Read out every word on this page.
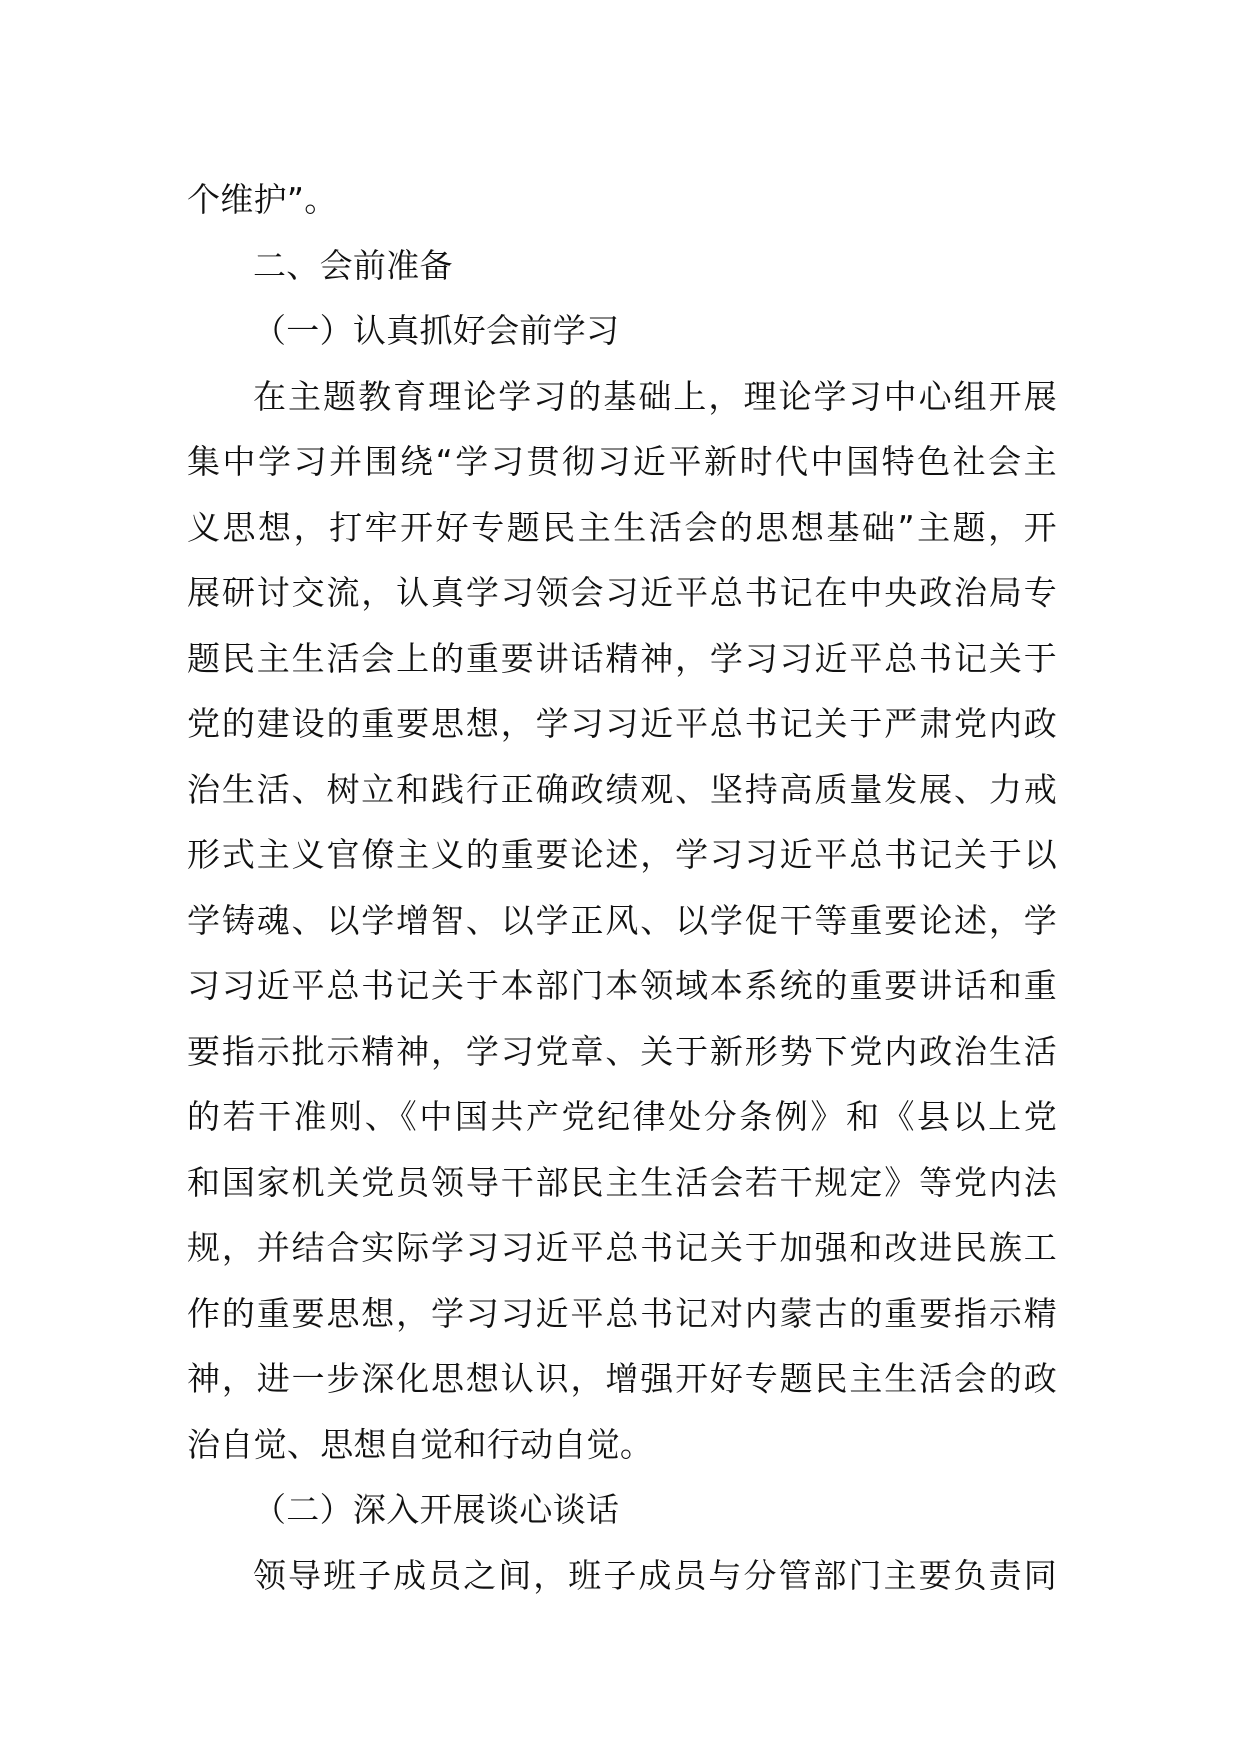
个维护”。
二、会前准备
（一）认真抓好会前学习
在主题教育理论学习的基础上，理论学习中心组开展
集中学习并围绕“学习贯彻习近平新时代中国特色社会主
义思想，打牢开好专题民主生活会的思想基础”主题，开
展研讨交流，认真学习领会习近平总书记在中央政治局专
题民主生活会上的重要讲话精神，学习习近平总书记关于
党的建设的重要思想，学习习近平总书记关于严肃党内政
治生活、树立和践行正确政绩观、坚持高质量发展、力戒
形式主义官僚主义的重要论述，学习习近平总书记关于以
学铸魂、以学增智、以学正风、以学促干等重要论述，学
习习近平总书记关于本部门本领域本系统的重要讲话和重
要指示批示精神，学习党章、关于新形势下党内政治生活
的若干准则、《中国共产党纪律处分条例》和《县以上党
和国家机关党员领导干部民主生活会若干规定》等党内法
规，并结合实际学习习近平总书记关于加强和改进民族工
作的重要思想，学习习近平总书记对内蒙古的重要指示精
神，进一步深化思想认识，增强开好专题民主生活会的政
治自觉、思想自觉和行动自觉。
（二）深入开展谈心谈话
领导班子成员之间，班子成员与分管部门主要负责同
